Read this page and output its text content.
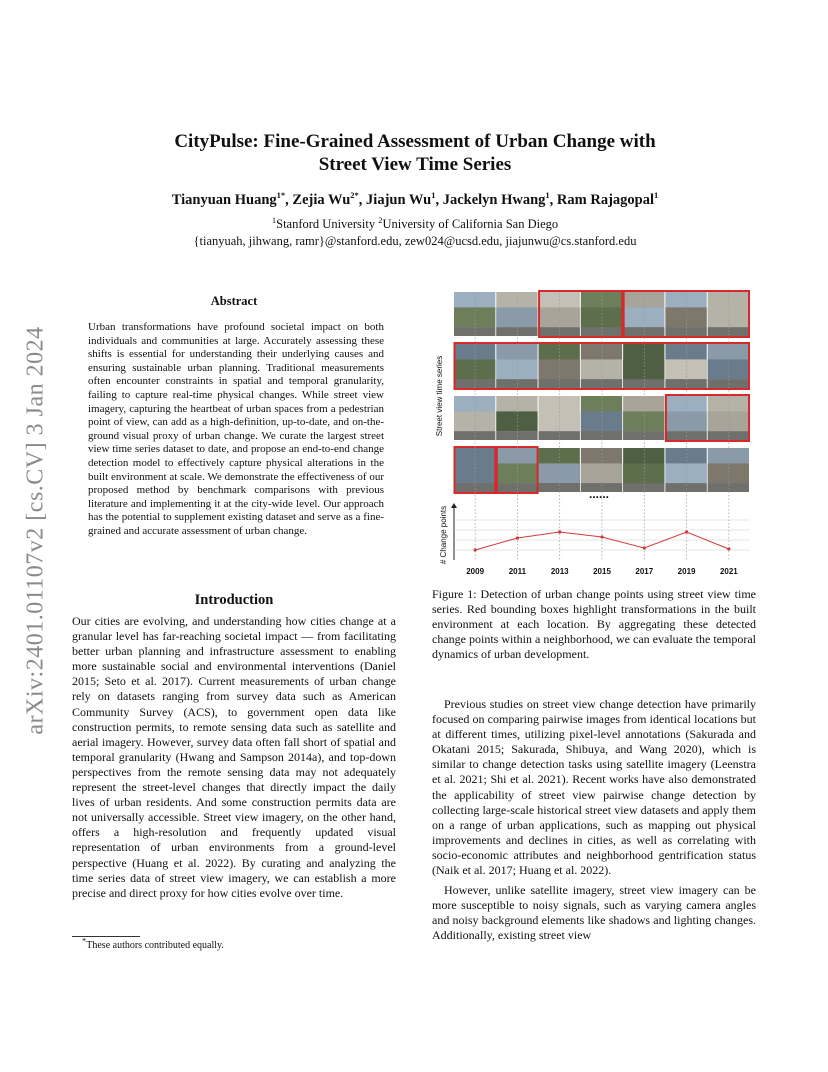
arXiv:2401.01107v2 [cs.CV] 3 Jan 2024
CityPulse: Fine-Grained Assessment of Urban Change with
Street View Time Series
Tianyuan Huang$^{1*}$, Zejia $Wu^{2*}$, Jiajun Wu$^1$, Jackelyn Hwang$^1$, Ram Rajagopal$^1$
$^1$Stanford University $^2$University of California San Diego
{tianyuah, jihwang, ramr}@stanford.edu, zew024@ucsd.edu, jiajunwu@cs.stanford.edu
Abstract
Urban transformations have profound societal impact on both individuals and communities at large. Accurately assessing these shifts is essential for understanding their underlying causes and ensuring sustainable urban planning. Traditional measurements often encounter constraints in spatial and temporal granularity, failing to capture real-time physical changes. While street view imagery, capturing the heartbeat of urban spaces from a pedestrian point of view, can add as a high-definition, up-to-date, and on-the-ground visual proxy of urban change. We curate the largest street view time series dataset to date, and propose an end-to-end change detection model to effectively capture physical alterations in the built environment at scale. We demonstrate the effectiveness of our proposed method by benchmark comparisons with previous literature and implementing it at the city-wide level. Our approach has the potential to supplement existing dataset and serve as a fine-grained and accurate assessment of urban change.
Introduction
Our cities are evolving, and understanding how cities change at a granular level has far-reaching societal impact — from facilitating better urban planning and infrastructure assessment to enabling more sustainable social and environmental interventions (Daniel 2015; Seto et al. 2017). Current measurements of urban change rely on datasets ranging from survey data such as American Community Survey (ACS), to government open data like construction permits, to remote sensing data such as satellite and aerial imagery. However, survey data often fall short of spatial and temporal granularity (Hwang and Sampson 2014a), and top-down perspectives from the remote sensing data may not adequately represent the street-level changes that directly impact the daily lives of urban residents. And some construction permits data are not universally accessible. Street view imagery, on the other hand, offers a high-resolution and frequently updated visual representation of urban environments from a ground-level perspective (Huang et al. 2022). By curating and analyzing the time series data of street view imagery, we can establish a more precise and direct proxy for how cities evolve over time.
*These authors contributed equally.
Street view time series
......
# Change points
2009	2011	2013	2015	2017	2019	2021
Figure 1: Detection of urban change points using street view time series. Red bounding boxes highlight transformations in the built environment at each location. By aggregating these detected change points within a neighborhood, we can evaluate the temporal dynamics of urban development.

Previous studies on street view change detection have primarily focused on comparing pairwise images from identical locations but at different times, utilizing pixel-level annotations (Sakurada and Okatani 2015; Sakurada, Shibuya, and Wang 2020), which is similar to change detection tasks using satellite imagery (Leenstra et al. 2021; Shi et al. 2021). Recent works have also demonstrated the applicability of street view pairwise change detection by collecting large-scale historical street view datasets and apply them on a range of urban applications, such as mapping out physical improvements and declines in cities, as well as correlating with socio-economic attributes and neighborhood gentrification status (Naik et al. 2017; Huang et al. 2022).

However, unlike satellite imagery, street view imagery can be more susceptible to noisy signals, such as varying camera angles and noisy background elements like shadows and lighting changes. Additionally, existing street view
